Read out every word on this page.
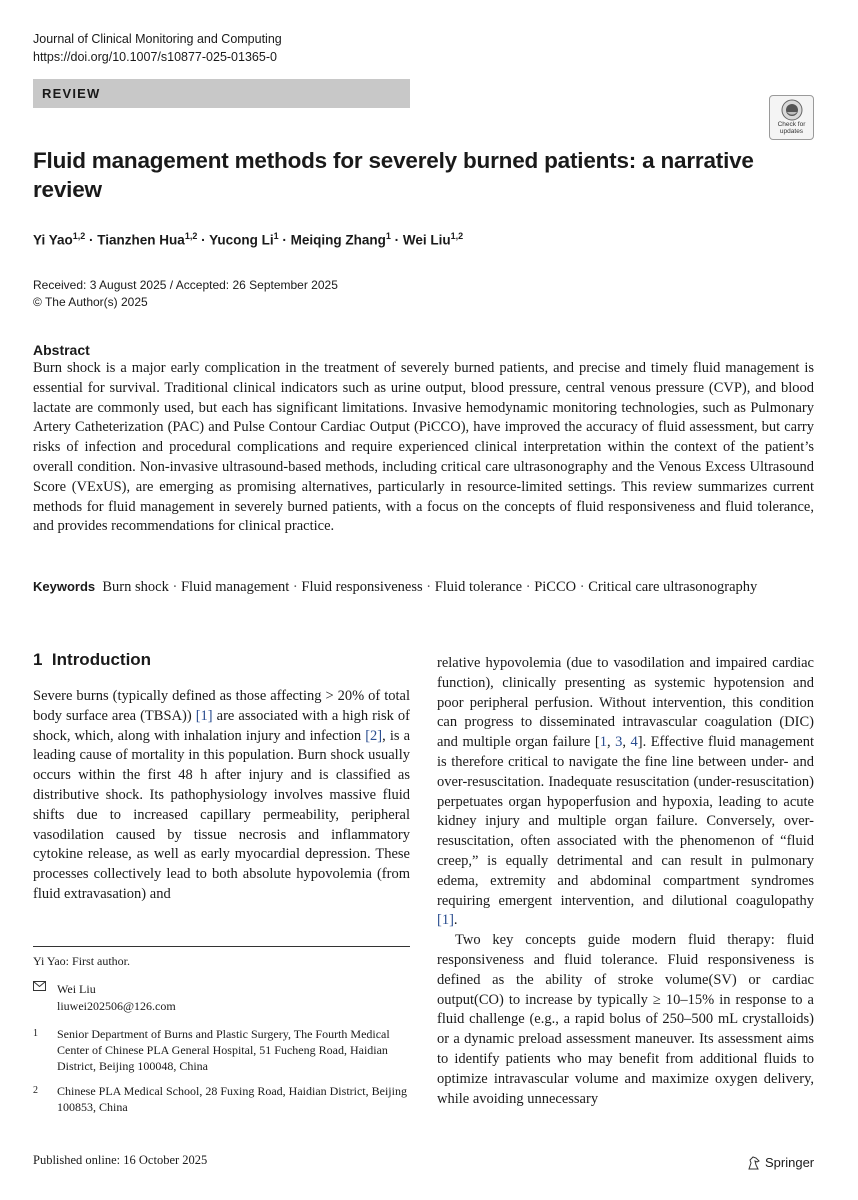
Journal of Clinical Monitoring and Computing
https://doi.org/10.1007/s10877-025-01365-0
REVIEW
Check for
updates
Fluid management methods for severely burned patients: a narrative review
Yi Yao$^{1,2}$ · Tianzhen Hua$^{1,2}$ · Yucong $Li^1$ · Meiqing Zhang$^1$ · Wei Liu$^{1,2}$
Received: 3 August 2025 / Accepted: 26 September 2025
© The Author(s) 2025
Abstract
Burn shock is a major early complication in the treatment of severely burned patients, and precise and timely fluid management is essential for survival. Traditional clinical indicators such as urine output, blood pressure, central venous pressure (CVP), and blood lactate are commonly used, but each has significant limitations. Invasive hemodynamic monitoring technologies, such as Pulmonary Artery Catheterization (PAC) and Pulse Contour Cardiac Output (PiCCO), have improved the accuracy of fluid assessment, but carry risks of infection and procedural complications and require experienced clinical interpretation within the context of the patient’s overall condition. Non-invasive ultrasound-based methods, including critical care ultrasonography and the Venous Excess Ultrasound Score (VExUS), are emerging as promising alternatives, particularly in resource-limited settings. This review summarizes current methods for fluid management in severely burned patients, with a focus on the concepts of fluid responsiveness and fluid tolerance, and provides recommendations for clinical practice.
Keywords Burn shock · Fluid management · Fluid responsiveness · Fluid tolerance · PiCCO · Critical care ultrasonography
1 Introduction
Severe burns (typically defined as those affecting > 20% of total body surface area (TBSA)) [1] are associated with a high risk of shock, which, along with inhalation injury and infection [2], is a leading cause of mortality in this population. Burn shock usually occurs within the first 48 h after injury and is classified as distributive shock. Its pathophysiology involves massive fluid shifts due to increased capillary permeability, peripheral vasodilation caused by tissue necrosis and inflammatory cytokine release, as well as early myocardial depression. These processes collectively lead to both absolute hypovolemia (from fluid extravasation) and

relative hypovolemia (due to vasodilation and impaired cardiac function), clinically presenting as systemic hypotension and poor peripheral perfusion. Without intervention, this condition can progress to disseminated intravascular coagulation (DIC) and multiple organ failure [1, 3, 4]. Effective fluid management is therefore critical to navigate the fine line between under- and over-resuscitation. Inadequate resuscitation (under-resuscitation) perpetuates organ hypoperfusion and hypoxia, leading to acute kidney injury and multiple organ failure. Conversely, over-resuscitation, often associated with the phenomenon of “fluid creep,” is equally detrimental and can result in pulmonary edema, extremity and abdominal compartment syndromes requiring emergent intervention, and dilutional coagulopathy [1].

Two key concepts guide modern fluid therapy: fluid responsiveness and fluid tolerance. Fluid responsiveness is defined as the ability of stroke volume(SV) or cardiac output(CO) to increase by typically ≥ 10–15% in response to a fluid challenge (e.g., a rapid bolus of 250–500 mL crystalloids) or a dynamic preload assessment maneuver. Its assessment aims to identify patients who may benefit from additional fluids to optimize intravascular volume and maximize oxygen delivery, while avoiding unnecessary

Yi Yao: First author.
Wei Liu
liuwei202506@126.com
1 Senior Department of Burns and Plastic Surgery, The Fourth Medical Center of Chinese PLA General Hospital, 51 Fucheng Road, Haidian District, Beijing 100048, China
2 Chinese PLA Medical School, 28 Fuxing Road, Haidian District, Beijing 100853, China
Published online: 16 October 2025	Springer
